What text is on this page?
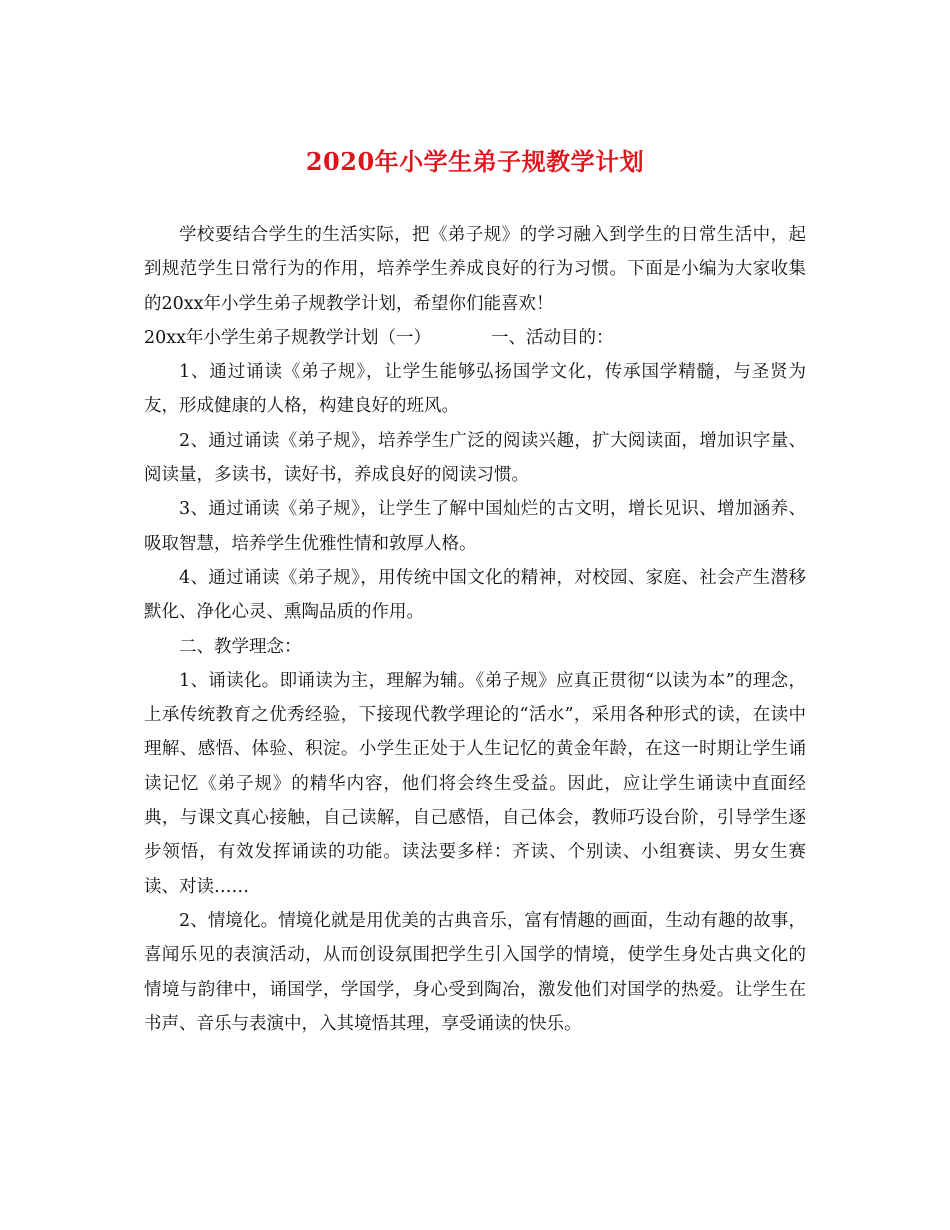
2020年小学生弟子规教学计划

学校要结合学生的生活实际，把《弟子规》的学习融入到学生的日常生活中，起到规范学生日常行为的作用，培养学生养成良好的行为习惯。下面是小编为大家收集的20xx年小学生弟子规教学计划，希望你们能喜欢！

20xx年小学生弟子规教学计划（一）	一、活动目的：

1、通过诵读《弟子规》，让学生能够弘扬国学文化，传承国学精髓，与圣贤为友，形成健康的人格，构建良好的班风。

2、通过诵读《弟子规》，培养学生广泛的阅读兴趣，扩大阅读面，增加识字量、阅读量，多读书，读好书，养成良好的阅读习惯。

3、通过诵读《弟子规》，让学生了解中国灿烂的古文明，增长见识、增加涵养、吸取智慧，培养学生优雅性情和敦厚人格。

4、通过诵读《弟子规》，用传统中国文化的精神，对校园、家庭、社会产生潜移默化、净化心灵、熏陶品质的作用。

二、教学理念：

1、诵读化。即诵读为主，理解为辅。《弟子规》应真正贯彻“以读为本”的理念，上承传统教育之优秀经验，下接现代教学理论的“活水”，采用各种形式的读，在读中理解、感悟、体验、积淀。小学生正处于人生记忆的黄金年龄，在这一时期让学生诵读记忆《弟子规》的精华内容，他们将会终生受益。因此，应让学生诵读中直面经典，与课文真心接触，自己读解，自己感悟，自己体会，教师巧设台阶，引导学生逐步领悟，有效发挥诵读的功能。读法要多样：齐读、个别读、小组赛读、男女生赛读、对读……

2、情境化。情境化就是用优美的古典音乐，富有情趣的画面，生动有趣的故事，喜闻乐见的表演活动，从而创设氛围把学生引入国学的情境，使学生身处古典文化的情境与韵律中，诵国学，学国学，身心受到陶冶，激发他们对国学的热爱。让学生在书声、音乐与表演中，入其境悟其理，享受诵读的快乐。
